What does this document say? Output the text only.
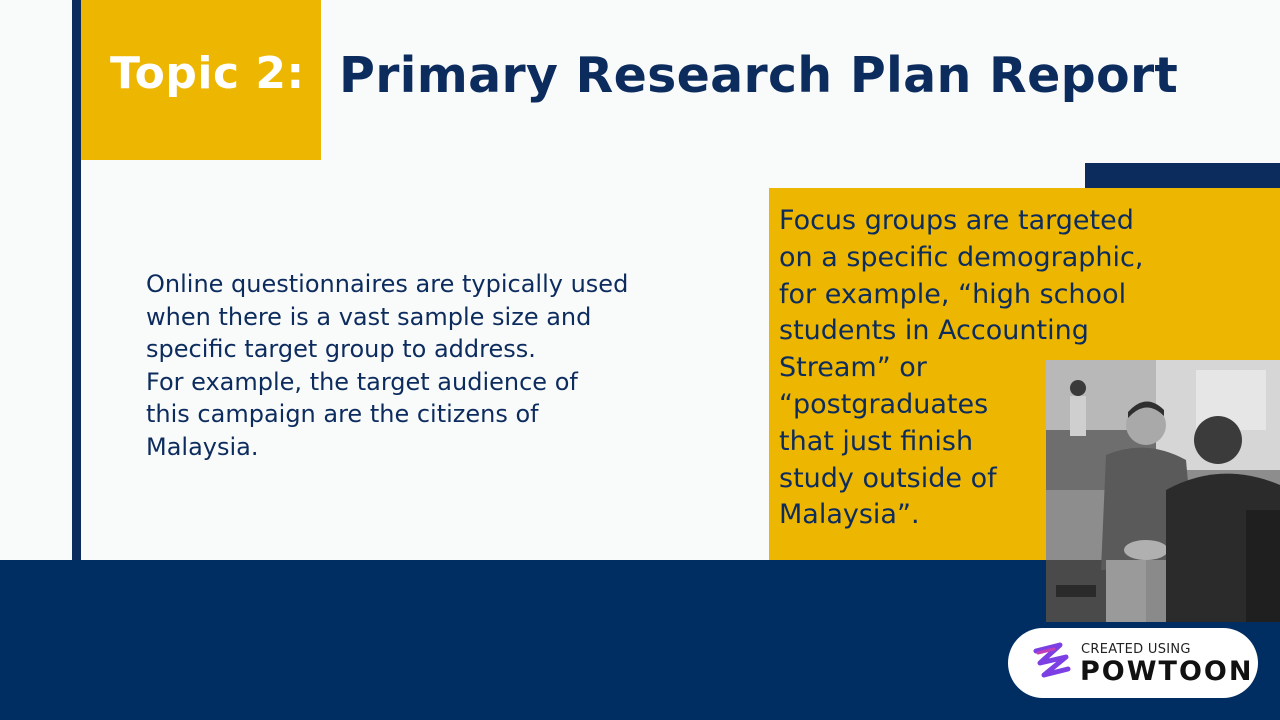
Topic 2: Primary Research Plan Report
Online questionnaires are typically used
when there is a vast sample size and
specific target group to address.
For example, the target audience of
this campaign are the citizens of
Malaysia.
Focus groups are targeted
on a specific demographic,
for example, “high school
students in Accounting
Stream” or
“postgraduates
that just finish
study outside of
Malaysia”.
CREATED USING
POWTOON
